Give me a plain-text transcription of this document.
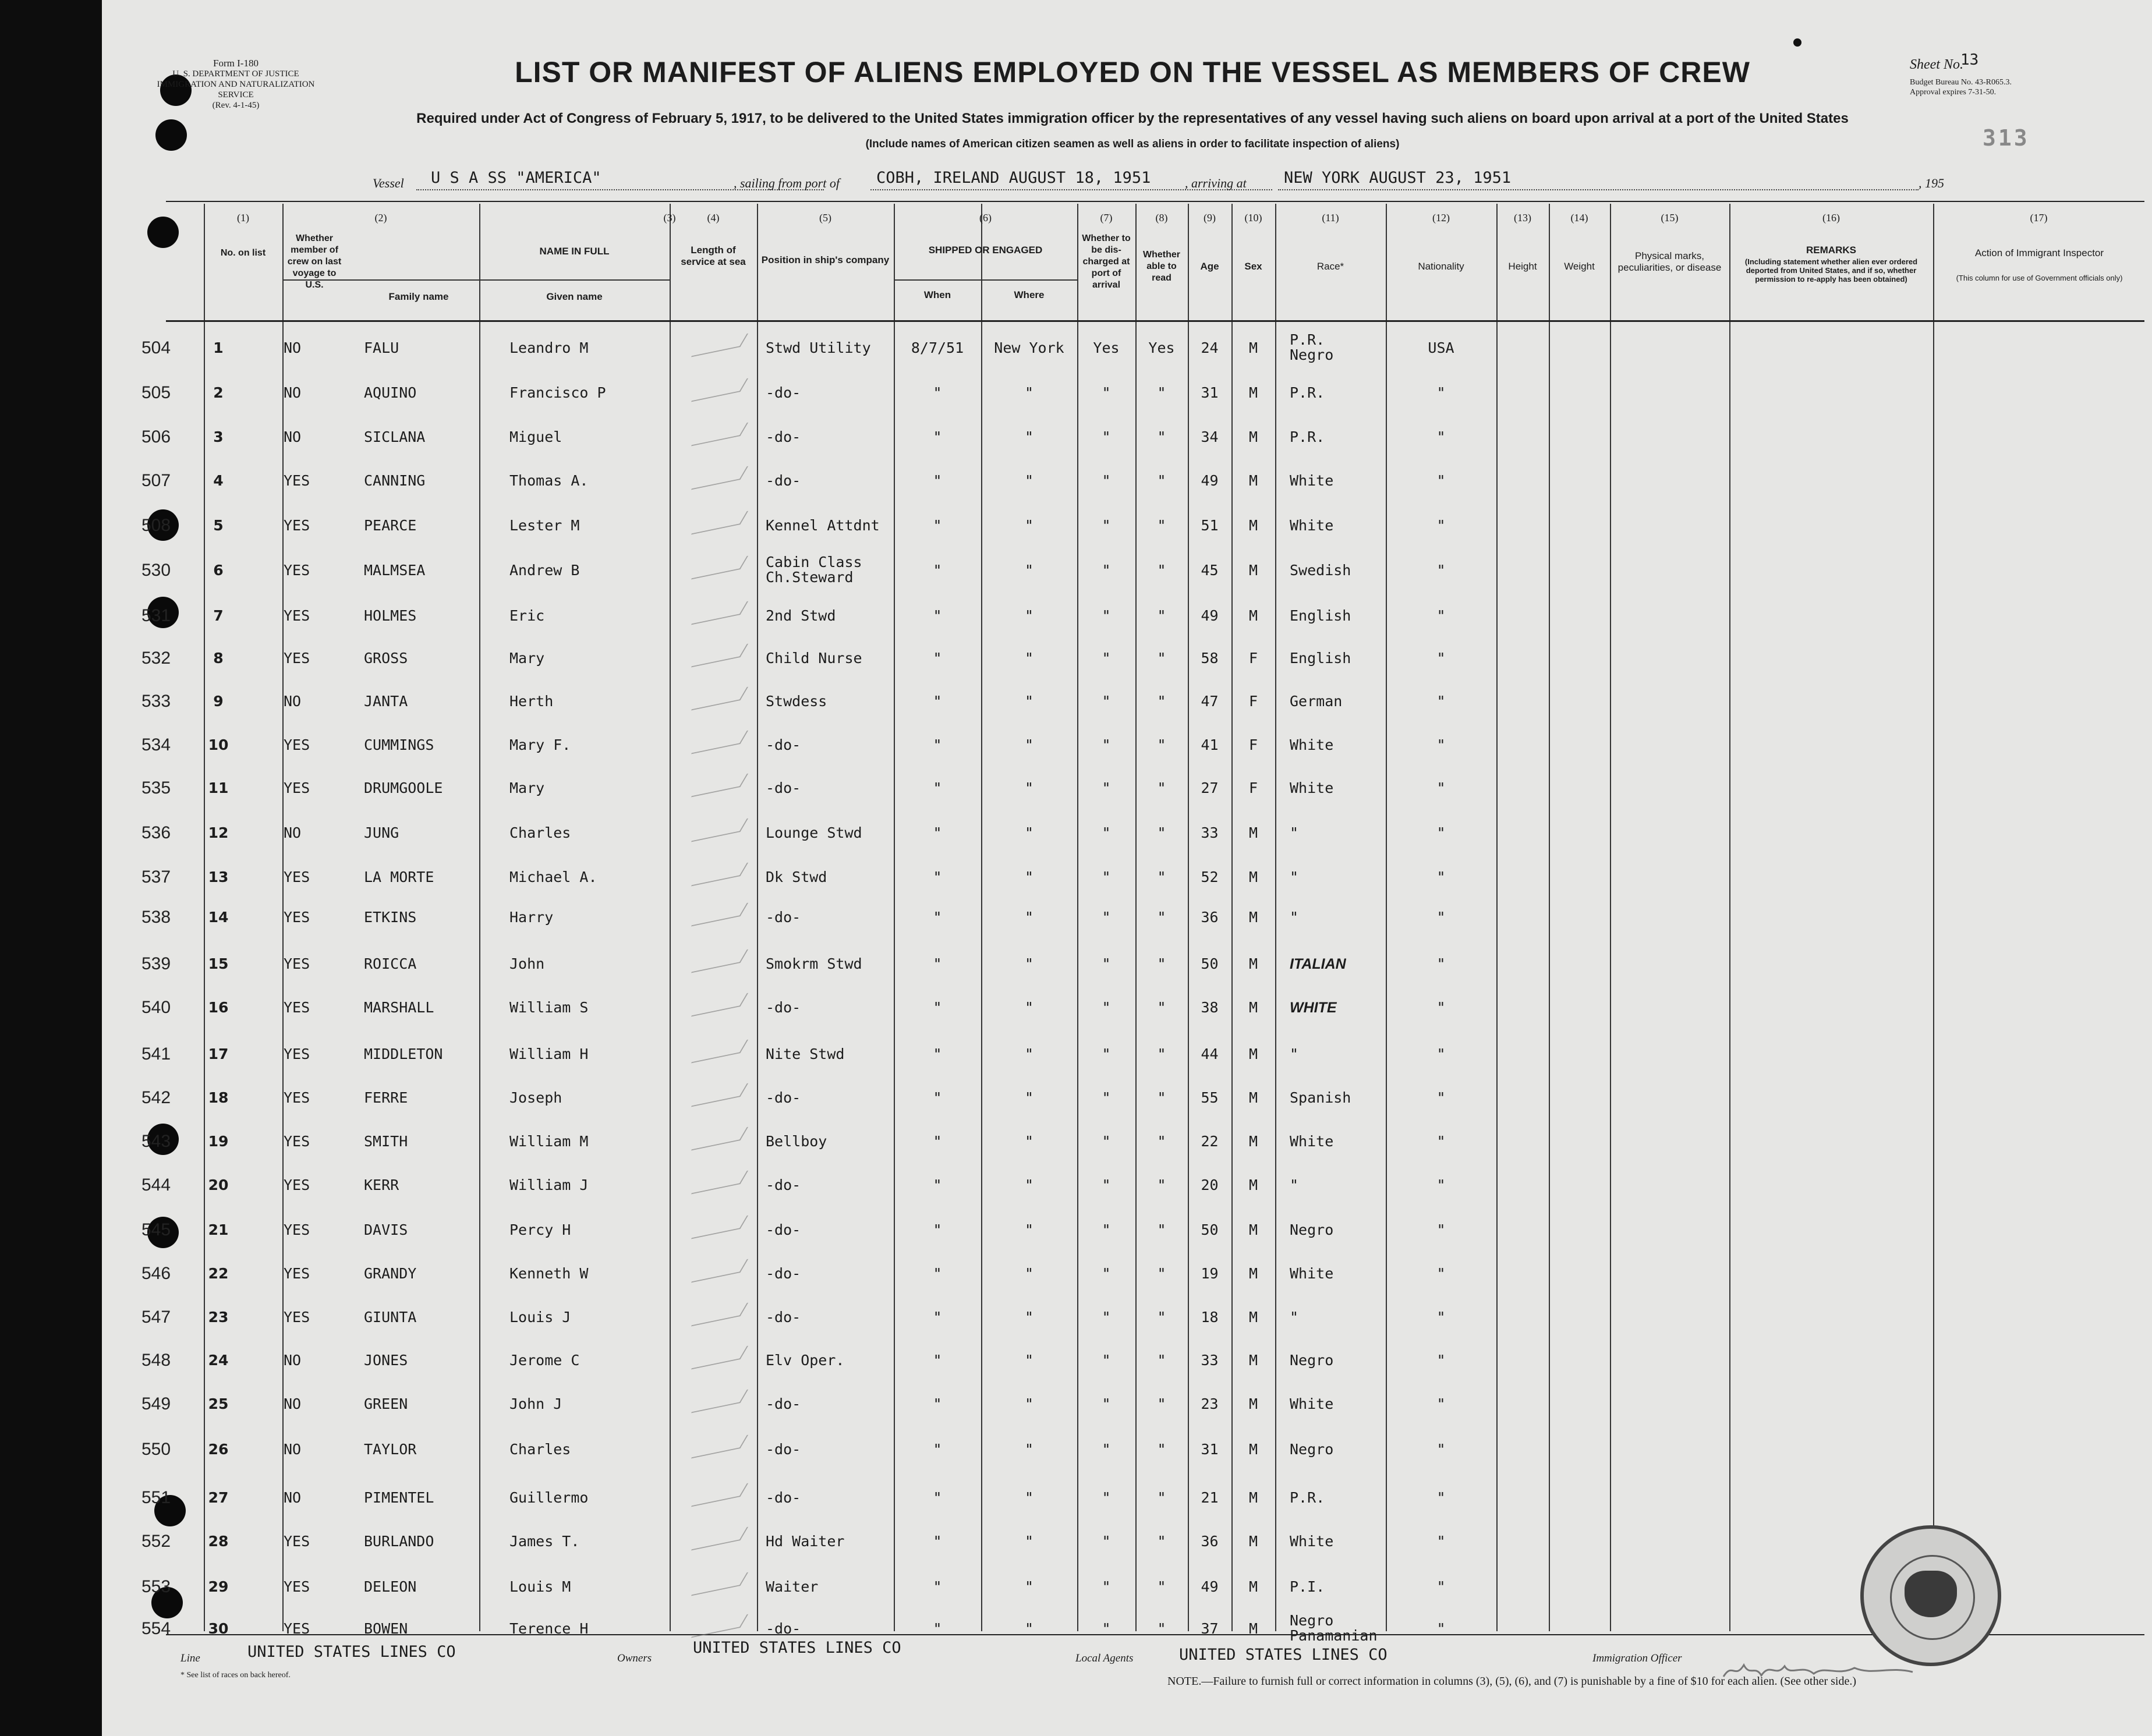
Form I-180
U. S. DEPARTMENT OF JUSTICE
IMMIGRATION AND NATURALIZATION SERVICE
(Rev. 4-1-45)
LIST OR MANIFEST OF ALIENS EMPLOYED ON THE VESSEL AS MEMBERS OF CREW
Required under Act of Congress of February 5, 1917, to be delivered to the United States immigration officer by the representatives of any vessel having such aliens on board upon arrival at a port of the United States
(Include names of American citizen seamen as well as aliens in order to facilitate inspection of aliens)
Sheet No.
13
Budget Bureau No. 43-R065.3.
Approval expires 7-31-50.
313
Vessel U S A SS "AMERICA"	, sailing from port of COBH, IRELAND AUGUST 18, 1951	, arriving at NEW YORK AUGUST 23, 1951	, 195
(1)	(2)	(3)	(4)	(5)	(6)	(7)	(8)	(9)	(10)	(11)	(12)	(13)	(14)	(15)	(16)	(17)
No. on list
Whether member of crew on last voyage to U.S.
NAME IN FULL
Family name	Given name
Length of service at sea	Position in ship's company
SHIPPED OR ENGAGED
When	Where
Whether to be dis-charged at port of arrival
Whether able to read
Age	Sex	Race*	Nationality	Height	Weight
Physical marks, peculiarities, or disease
REMARKS
(Including statement whether alien ever ordered deported from United States, and if so, whether permission to re-apply has been obtained)
Action of Immigrant Inspector
(This column for use of Government officials only)
504	1	NO	FALU	Leandro M	Stwd Utility	8/7/51	New York	Yes	Yes	24	M	P.R.
Negro	USA
505	2	NO	AQUINO	Francisco P	-do-	"	"	"	"	31	M	P.R.	"
506	3	NO	SICLANA	Miguel	-do-	"	"	"	"	34	M	P.R.	"
507	4	YES	CANNING	Thomas A.	-do-	"	"	"	"	49	M	White	"
508	5	YES	PEARCE	Lester M	Kennel Attdnt	"	"	"	"	51	M	White	"
530	6	YES	MALMSEA	Andrew B	Cabin Class
Ch.Steward	"	"	"	"	45	M	Swedish	"
531	7	YES	HOLMES	Eric	2nd Stwd	"	"	"	"	49	M	English	"
532	8	YES	GROSS	Mary	Child Nurse	"	"	"	"	58	F	English	"
533	9	NO	JANTA	Herth	Stwdess	"	"	"	"	47	F	German	"
534	10	YES	CUMMINGS	Mary F.	-do-	"	"	"	"	41	F	White	"
535	11	YES	DRUMGOOLE	Mary	-do-	"	"	"	"	27	F	White	"
536	12	NO	JUNG	Charles	Lounge Stwd	"	"	"	"	33	M	"	"
537	13	YES	LA MORTE	Michael A.	Dk Stwd	"	"	"	"	52	M	"	"
538	14	YES	ETKINS	Harry	-do-	"	"	"	"	36	M	"	"
539	15	YES	ROICCA	John	Smokrm Stwd	"	"	"	"	50	M	ITALIAN	"
540	16	YES	MARSHALL	William S	-do-	"	"	"	"	38	M	WHITE	"
541	17	YES	MIDDLETON	William H	Nite Stwd	"	"	"	"	44	M	"	"
542	18	YES	FERRE	Joseph	-do-	"	"	"	"	55	M	Spanish	"
543	19	YES	SMITH	William M	Bellboy	"	"	"	"	22	M	White	"
544	20	YES	KERR	William J	-do-	"	"	"	"	20	M	"	"
545	21	YES	DAVIS	Percy H	-do-	"	"	"	"	50	M	Negro	"
546	22	YES	GRANDY	Kenneth W	-do-	"	"	"	"	19	M	White	"
547	23	YES	GIUNTA	Louis J	-do-	"	"	"	"	18	M	"	"
548	24	NO	JONES	Jerome C	Elv Oper.	"	"	"	"	33	M	Negro	"
549	25	NO	GREEN	John J	-do-	"	"	"	"	23	M	White	"
550	26	NO	TAYLOR	Charles	-do-	"	"	"	"	31	M	Negro	"
551	27	NO	PIMENTEL	Guillermo	-do-	"	"	"	"	21	M	P.R.	"
552	28	YES	BURLANDO	James T.	Hd Waiter	"	"	"	"	36	M	White	"
553	29	YES	DELEON	Louis M	Waiter	"	"	"	"	49	M	P.I.	"
554	30	YES	BOWEN	Terence H	-do-	"	"	"	"	37	M	Negro
Panamanian	"
Line	UNITED STATES LINES CO	Owners
UNITED STATES LINES CO
Local Agents	UNITED STATES LINES CO	Immigration Officer
* See list of races on back hereof.	NOTE.—Failure to furnish full or correct information in columns (3), (5), (6), and (7) is punishable by a fine of $10 for each alien. (See other side.)
